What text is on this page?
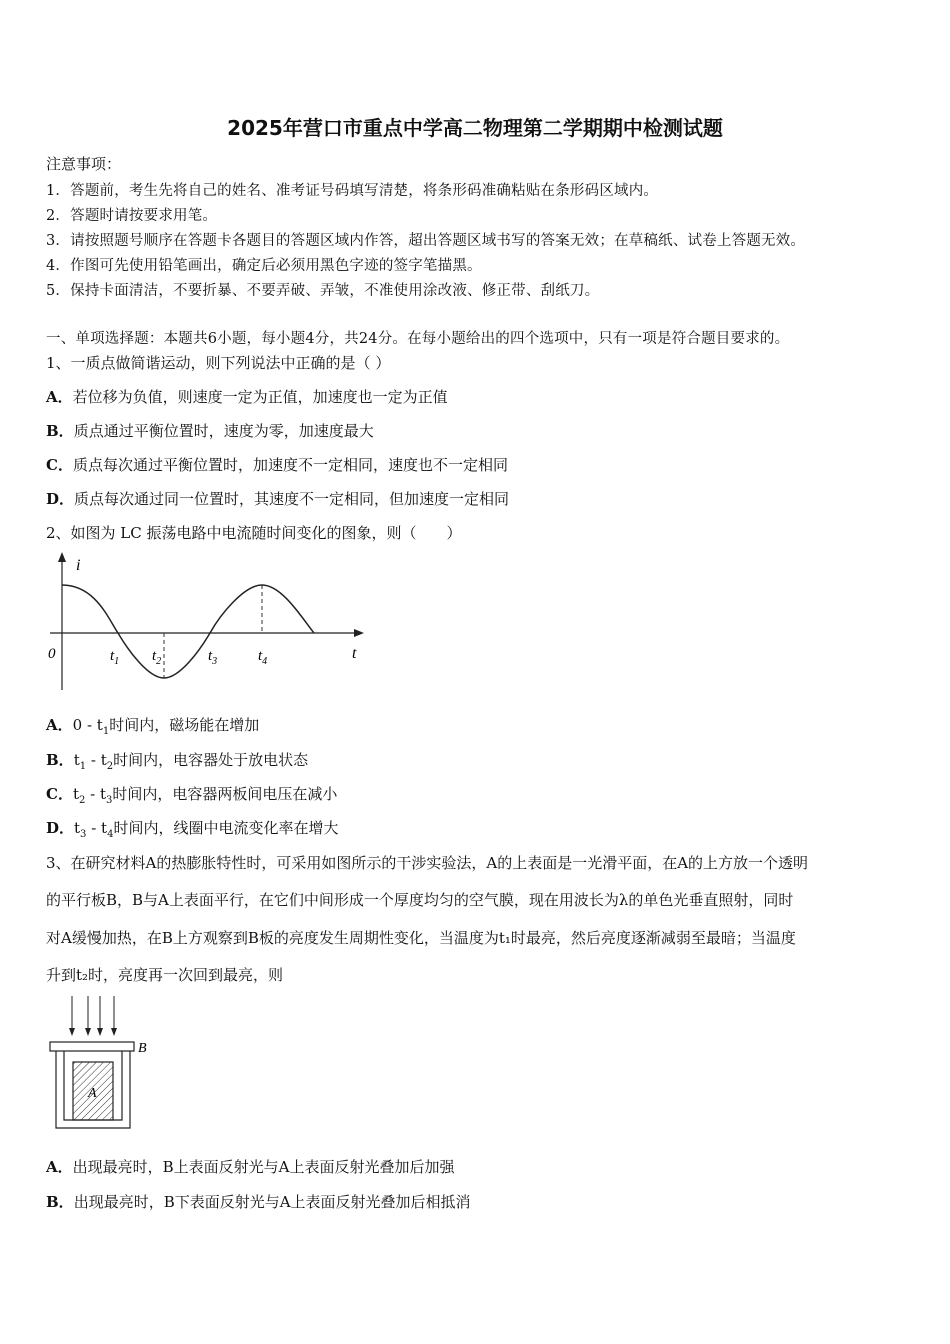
2025年营口市重点中学高二物理第二学期期中检测试题
注意事项：
1．答题前，考生先将自己的姓名、准考证号码填写清楚，将条形码准确粘贴在条形码区域内。
2．答题时请按要求用笔。
3．请按照题号顺序在答题卡各题目的答题区域内作答，超出答题区域书写的答案无效；在草稿纸、试卷上答题无效。
4．作图可先使用铅笔画出，确定后必须用黑色字迹的签字笔描黑。
5．保持卡面清洁，不要折暴、不要弄破、弄皱，不准使用涂改液、修正带、刮纸刀。
一、单项选择题：本题共6小题，每小题4分，共24分。在每小题给出的四个选项中，只有一项是符合题目要求的。
1、一质点做简谐运动，则下列说法中正确的是（ ）
A．若位移为负值，则速度一定为正值，加速度也一定为正值
B．质点通过平衡位置时，速度为零，加速度最大
C．质点每次通过平衡位置时，加速度不一定相同，速度也不一定相同
D．质点每次通过同一位置时，其速度不一定相同，但加速度一定相同
2、如图为 LC 振荡电路中电流随时间变化的图象，则（　　）
i
t
0	$t_1$ $t_2$	$t_3$	$t_4$
A．$0 - t_1$时间内，磁场能在增加
B．$t_1 - t_2$时间内，电容器处于放电状态
C．$t_2 - t_3$时间内，电容器两板间电压在减小
D．$t_3 - t_4$时间内，线圈中电流变化率在增大
3、在研究材料A的热膨胀特性时，可采用如图所示的干涉实验法，A的上表面是一光滑平面，在A的上方放一个透明
的平行板B，B与A上表面平行，在它们中间形成一个厚度均匀的空气膜，现在用波长为λ的单色光垂直照射，同时
对A缓慢加热，在B上方观察到B板的亮度发生周期性变化，当温度为t₁时最亮，然后亮度逐渐减弱至最暗；当温度
升到t₂时，亮度再一次回到最亮，则
B
A
A．出现最亮时，B上表面反射光与A上表面反射光叠加后加强
B．出现最亮时，B下表面反射光与A上表面反射光叠加后相抵消
